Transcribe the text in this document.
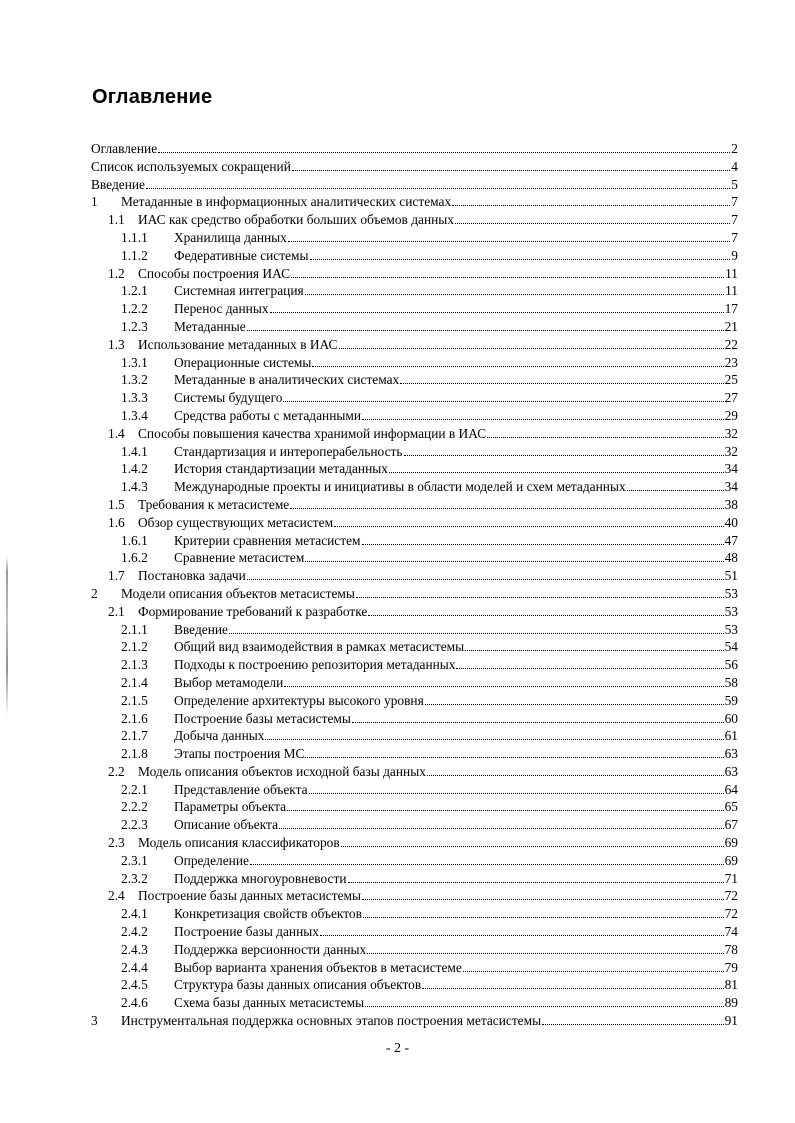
Оглавление
Оглавление	2
Список используемых сокращений	4
Введение	5
1	Метаданные в информационных аналитических системах	7
1.1 ИАС как средство обработки больших объемов данных	7
1.1.1	Хранилища данных	7
1.1.2	Федеративные системы	9
1.2 Способы построения ИАС	11
1.2.1	Системная интеграция	11
1.2.2	Перенос данных	17
1.2.3	Метаданные	21
1.3 Использование метаданных в ИАС	22
1.3.1	Операционные системы	23
1.3.2	Метаданные в аналитических системах	25
1.3.3	Системы будущего	27
1.3.4	Средства работы с метаданными	29
1.4 Способы повышения качества хранимой информации в ИАС	32
1.4.1	Стандартизация и интероперабельность	32
1.4.2	История стандартизации метаданных	34
1.4.3	Международные проекты и инициативы в области моделей и схем метаданных	34
1.5 Требования к метасистеме	38
1.6 Обзор существующих метасистем	40
1.6.1	Критерии сравнения метасистем	47
1.6.2	Сравнение метасистем	48
1.7 Постановка задачи	51
2	Модели описания объектов метасистемы	53
2.1 Формирование требований к разработке	53
2.1.1	Введение	53
2.1.2	Общий вид взаимодействия в рамках метасистемы	54
2.1.3	Подходы к построению репозитория метаданных	56
2.1.4	Выбор метамодели	58
2.1.5	Определение архитектуры высокого уровня	59
2.1.6	Построение базы метасистемы	60
2.1.7	Добыча данных	61
2.1.8	Этапы построения МС	63
2.2 Модель описания объектов исходной базы данных	63
2.2.1	Представление объекта	64
2.2.2	Параметры объекта	65
2.2.3	Описание объекта	67
2.3 Модель описания классификаторов	69
2.3.1	Определение	69
2.3.2	Поддержка многоуровневости	71
2.4 Построение базы данных метасистемы	72
2.4.1	Конкретизация свойств объектов	72
2.4.2	Построение базы данных	74
2.4.3	Поддержка версионности данных	78
2.4.4	Выбор варианта хранения объектов в метасистеме	79
2.4.5	Структура базы данных описания объектов	81
2.4.6	Схема базы данных метасистемы	89
3	Инструментальная поддержка основных этапов построения метасистемы	91
- 2 -
